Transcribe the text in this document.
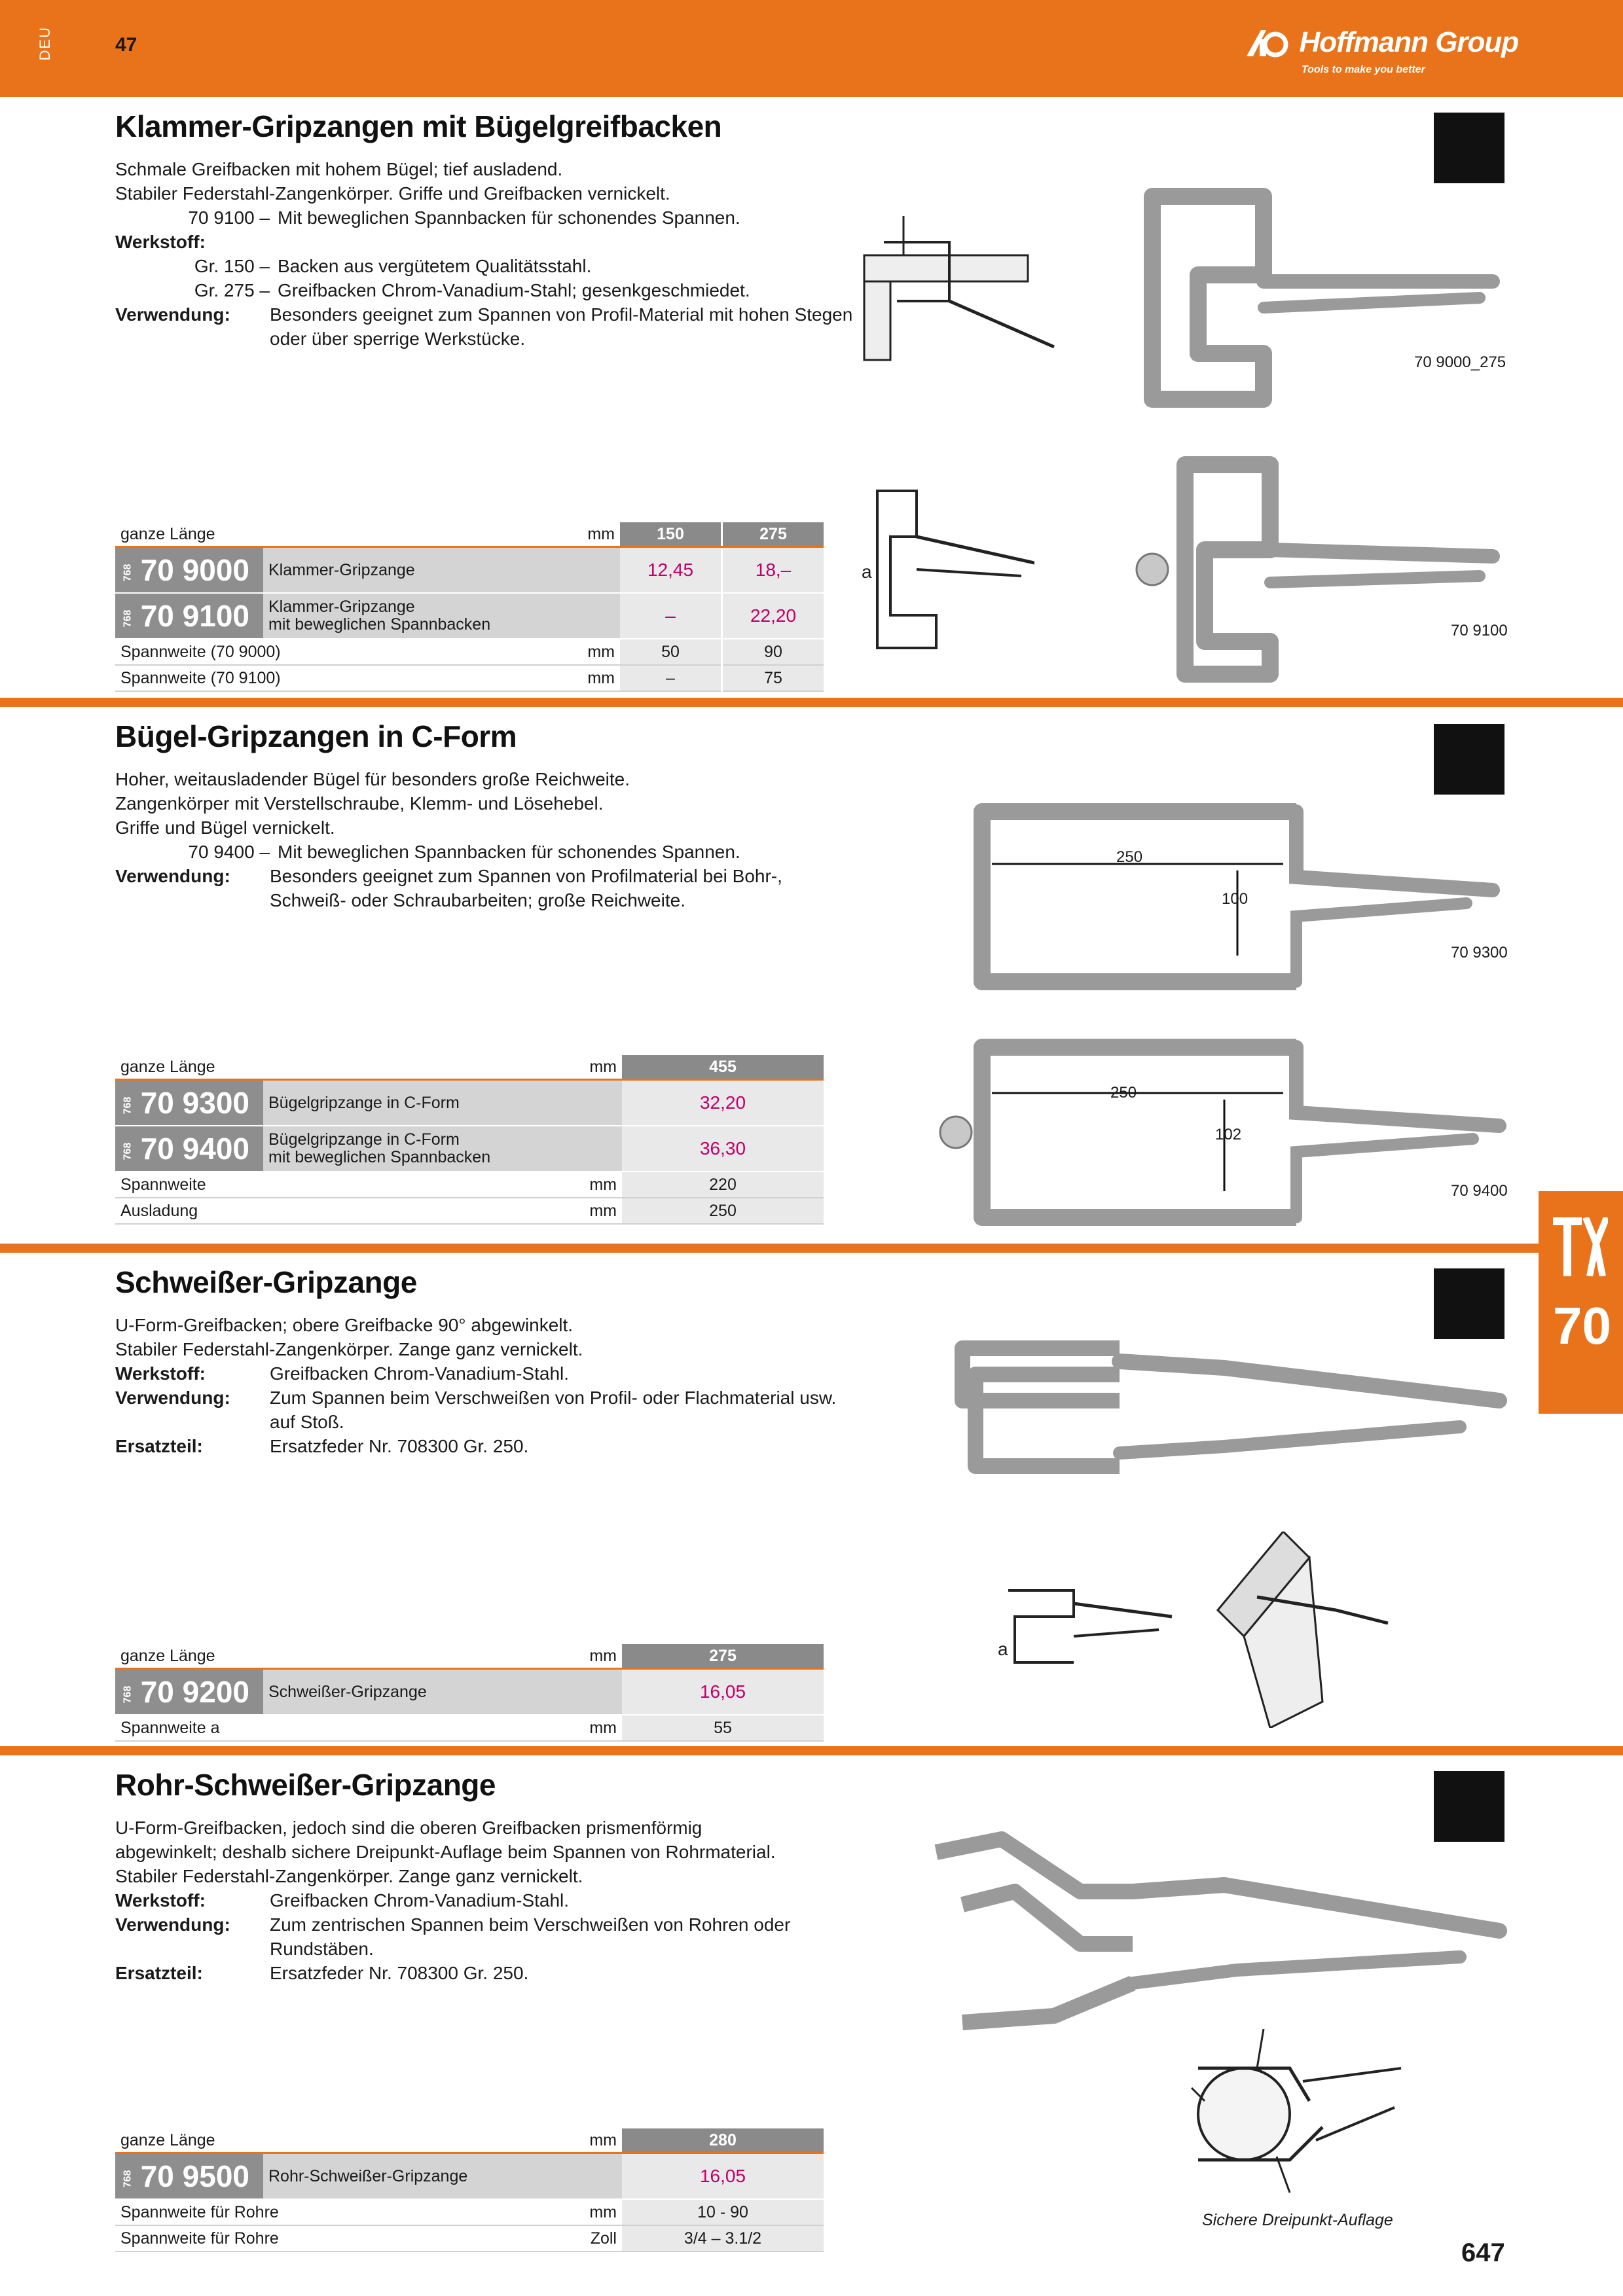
DEU	47	Hoffmann Group
Tools to make you better
Klammer-Gripzangen mit Bügelgreifbacken

Schmale Greifbacken mit hohem Bügel; tief ausladend.

Stabiler Federstahl-Zangenkörper. Griffe und Greifbacken vernickelt.

70 9100 – Mit beweglichen Spannbacken für schonendes Spannen.
Werkstoff:
Gr. 150 – Backen aus vergütetem Qualitätsstahl.
Gr. 275 – Greifbacken Chrom-Vanadium-Stahl; gesenkgeschmiedet.
Verwendung:	Besonders geeignet zum Spannen von Profil-Material mit hohen Stegen oder über sperrige Werkstücke.
70 9000_275
a
70 9100
ganze Länge		mm	150	275
768 70 9000	Klammer-Gripzange		12,45	18,–
768 70 9100	Klammer-Gripzange
mit beweglichen Spannbacken		–	22,20
Spannweite (70 9000)		mm	50	90
Spannweite (70 9100)		mm	–	75
Bügel-Gripzangen in C-Form

Hoher, weitausladender Bügel für besonders große Reichweite.

Zangenkörper mit Verstellschraube, Klemm- und Lösehebel.

Griffe und Bügel vernickelt.

70 9400 – Mit beweglichen Spannbacken für schonendes Spannen.
Verwendung:	Besonders geeignet zum Spannen von Profilmaterial bei Bohr-, Schweiß- oder Schraubarbeiten; große Reichweite.
250
100
70 9300
250
102
70 9400
ganze Länge		mm	455
768 70 9300	Bügelgripzange in C-Form		32,20
768 70 9400	Bügelgripzange in C-Form
mit beweglichen Spannbacken		36,30
Spannweite		mm	220
Ausladung		mm	250
70
Schweißer-Gripzange

U-Form-Greifbacken; obere Greifbacke 90° abgewinkelt.

Stabiler Federstahl-Zangenkörper. Zange ganz vernickelt.

Werkstoff:	Greifbacken Chrom-Vanadium-Stahl.
Verwendung:	Zum Spannen beim Verschweißen von Profil- oder Flachmaterial usw. auf Stoß.
Ersatzteil:	Ersatzfeder Nr. 708300 Gr. 250.
a
ganze Länge		mm	275
768 70 9200	Schweißer-Gripzange		16,05
Spannweite a		mm	55
Rohr-Schweißer-Gripzange

U-Form-Greifbacken, jedoch sind die oberen Greifbacken prismenförmig

abgewinkelt; deshalb sichere Dreipunkt-Auflage beim Spannen von Rohrmaterial.

Stabiler Federstahl-Zangenkörper. Zange ganz vernickelt.

Werkstoff:	Greifbacken Chrom-Vanadium-Stahl.
Verwendung:	Zum zentrischen Spannen beim Verschweißen von Rohren oder Rundstäben.
Ersatzteil:	Ersatzfeder Nr. 708300 Gr. 250.
Sichere Dreipunkt-Auflage
ganze Länge		mm	280
768 70 9500	Rohr-Schweißer-Gripzange		16,05
Spannweite für Rohre		mm	10 - 90
Spannweite für Rohre		Zoll	3/4 – 3.1/2
647
